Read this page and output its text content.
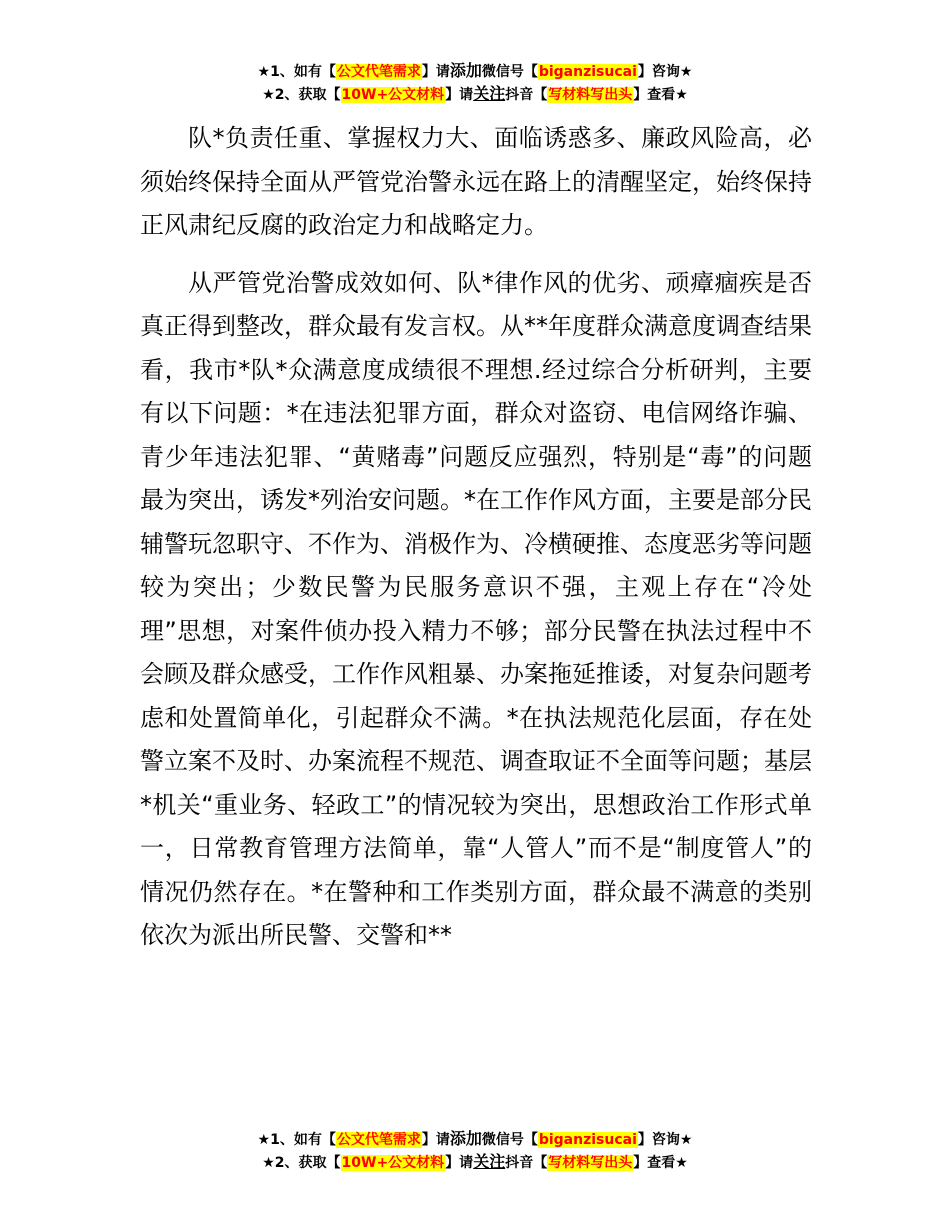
★1、如有【公文代笔需求】请添加微信号【biganzisucai】咨询★
★2、获取【10W+公文材料】请关注抖音【写材料写出头】查看★

队*负责任重、掌握权力大、面临诱惑多、廉政风险高，必须始终保持全面从严管党治警永远在路上的清醒坚定，始终保持正风肃纪反腐的政治定力和战略定力。

从严管党治警成效如何、队*律作风的优劣、顽瘴痼疾是否真正得到整改，群众最有发言权。从**年度群众满意度调查结果看，我市*队*众满意度成绩很不理想.经过综合分析研判，主要有以下问题：*在违法犯罪方面，群众对盗窃、电信网络诈骗、青少年违法犯罪、“黄赌毒”问题反应强烈，特别是“毒”的问题最为突出，诱发*列治安问题。*在工作作风方面，主要是部分民辅警玩忽职守、不作为、消极作为、冷横硬推、态度恶劣等问题较为突出；少数民警为民服务意识不强，主观上存在“冷处理”思想，对案件侦办投入精力不够；部分民警在执法过程中不会顾及群众感受，工作作风粗暴、办案拖延推诿，对复杂问题考虑和处置简单化，引起群众不满。*在执法规范化层面，存在处警立案不及时、办案流程不规范、调查取证不全面等问题；基层*机关“重业务、轻政工”的情况较为突出，思想政治工作形式单一，日常教育管理方法简单，靠“人管人”而不是“制度管人”的情况仍然存在。*在警种和工作类别方面，群众最不满意的类别依次为派出所民警、交警和**

★1、如有【公文代笔需求】请添加微信号【biganzisucai】咨询★
★2、获取【10W+公文材料】请关注抖音【写材料写出头】查看★
